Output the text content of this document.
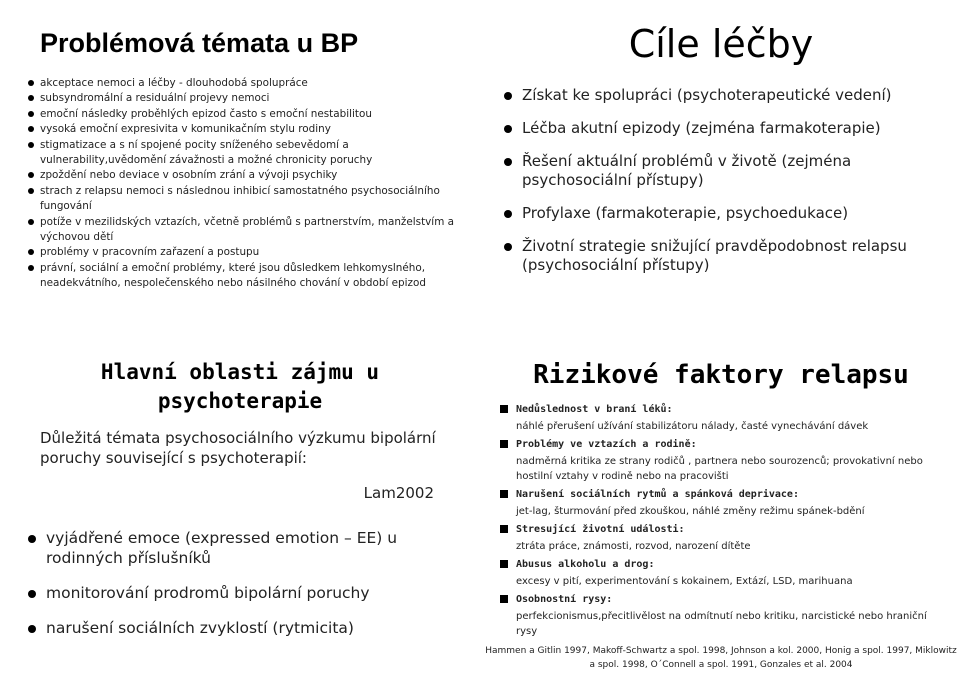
Problémová témata u BP
akceptace nemoci a léčby - dlouhodobá spolupráce
subsyndromální a residuální projevy nemoci
emoční následky proběhlých epizod často s emoční nestabilitou
vysoká emoční expresivita v komunikačním stylu rodiny
stigmatizace a s ní spojené pocity sníženého sebevědomí a vulnerability,uvědomění závažnosti a možné chronicity poruchy
zpoždění nebo deviace v osobním zrání a vývoji psychiky
strach z relapsu nemoci s následnou inhibicí samostatného psychosociálního fungování
potíže v mezilidských vztazích, včetně problémů s partnerstvím, manželstvím a výchovou dětí
problémy v pracovním zařazení a postupu
právní, sociální a emoční problémy, které jsou důsledkem lehkomyslného, neadekvátního, nespolečenského nebo násilného chování v období epizod
Cíle léčby
Získat ke spolupráci (psychoterapeutické vedení)
Léčba akutní epizody (zejména farmakoterapie)
Řešení aktuální problémů v životě (zejména psychosociální přístupy)
Profylaxe (farmakoterapie, psychoedukace)
Životní strategie snižující pravděpodobnost relapsu (psychosociální přístupy)
Hlavní oblasti zájmu u psychoterapie
Důležitá témata psychosociálního výzkumu bipolární poruchy související s psychoterapií:
Lam2002
vyjádřené emoce (expressed emotion – EE) u rodinných příslušníků
monitorování prodromů bipolární poruchy
narušení sociálních zvyklostí (rytmicita)
Rizikové faktory relapsu
Nedůslednost v braní léků:
náhlé přerušení užívání stabilizátoru nálady, časté vynechávání dávek
Problémy ve vztazích a rodině:
nadměrná kritika ze strany rodičů , partnera nebo sourozenců; provokativní nebo hostilní vztahy v rodině nebo na pracovišti
Narušení sociálních rytmů a spánková deprivace:
jet-lag, šturmování před zkouškou, náhlé změny režimu spánek-bdění
Stresující životní události:
ztráta práce, známosti, rozvod, narození dítěte
Abusus alkoholu a drog:
excesy v pití, experimentování s kokainem, Extází, LSD, marihuana
Osobnostní rysy:
perfekcionismus,přecitlivělost na odmítnutí nebo kritiku, narcistické nebo hraniční rysy
Hammen a Gitlin 1997, Makoff-Schwartz a spol. 1998, Johnson a kol. 2000, Honig a spol. 1997, Miklowitz a spol. 1998, O´Connell a spol. 1991, Gonzales et al. 2004
